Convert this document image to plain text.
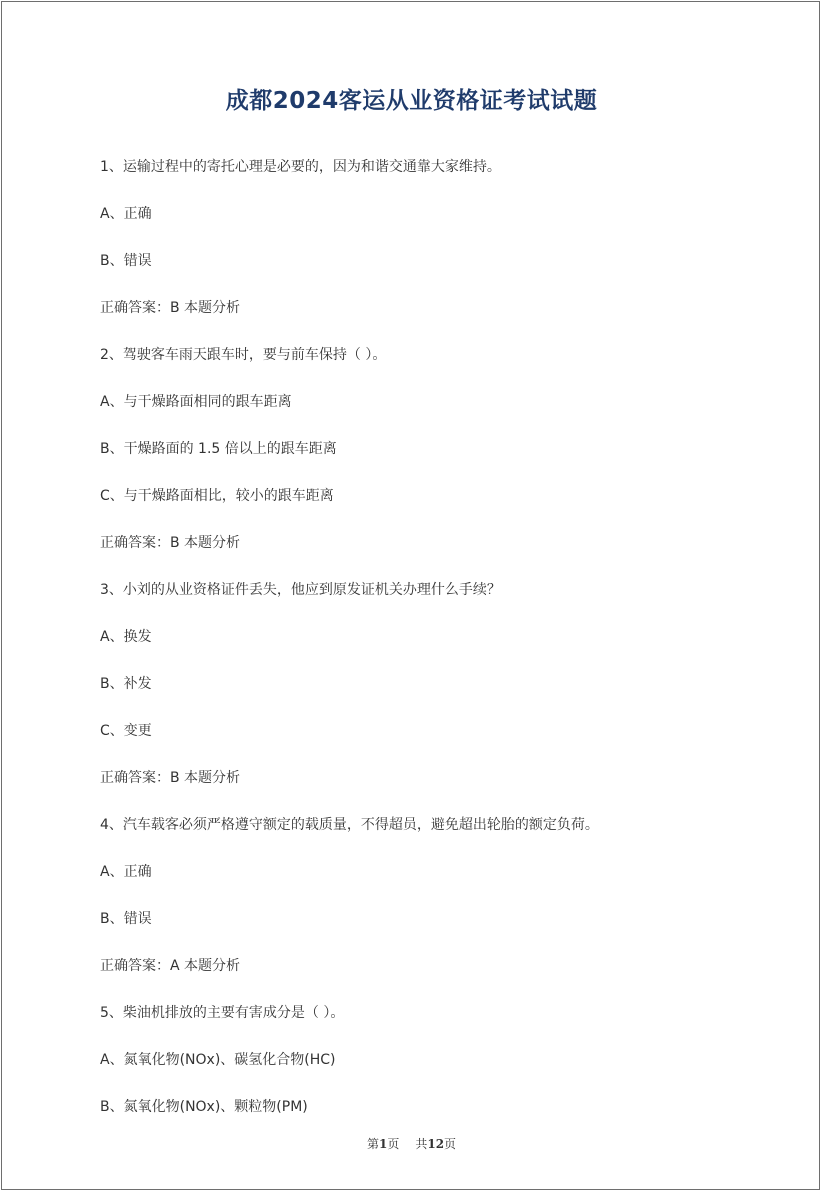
成都2024客运从业资格证考试试题
1、运输过程中的寄托心理是必要的，因为和谐交通靠大家维持。
A、正确
B、错误
正确答案：B 本题分析
2、驾驶客车雨天跟车时，要与前车保持（ ）。
A、与干燥路面相同的跟车距离
B、干燥路面的 1.5 倍以上的跟车距离
C、与干燥路面相比，较小的跟车距离
正确答案：B 本题分析
3、小刘的从业资格证件丢失，他应到原发证机关办理什么手续？
A、换发
B、补发
C、变更
正确答案：B 本题分析
4、汽车载客必须严格遵守额定的载质量，不得超员，避免超出轮胎的额定负荷。
A、正确
B、错误
正确答案：A 本题分析
5、柴油机排放的主要有害成分是（ ）。
A、氮氧化物(NOx)、碳氢化合物(HC)
B、氮氧化物(NOx)、颗粒物(PM)
第1页 共12页
